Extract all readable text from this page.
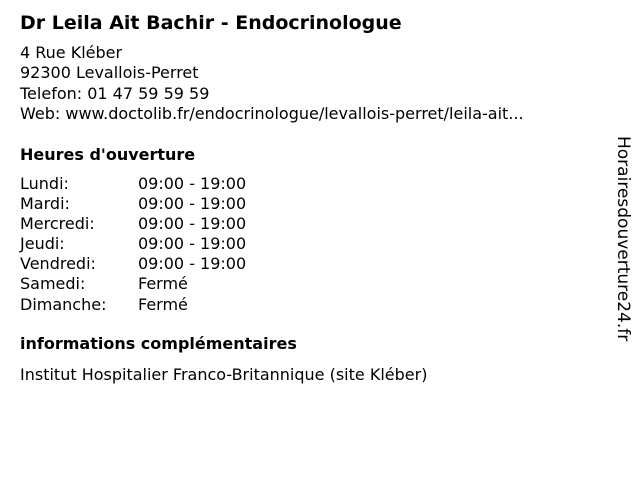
Dr Leila Ait Bachir - Endocrinologue
4 Rue Kléber
92300 Levallois-Perret
Telefon: 01 47 59 59 59
Web: www.doctolib.fr/endocrinologue/levallois-perret/leila-ait...
Heures d'ouverture
Lundi:	09:00 - 19:00
Mardi:	09:00 - 19:00
Mercredi:	09:00 - 19:00
Jeudi:	09:00 - 19:00
Vendredi:	09:00 - 19:00
Samedi:	Fermé
Dimanche:	Fermé
informations complémentaires
Institut Hospitalier Franco-Britannique (site Kléber)
Horairesdouverture24.fr
